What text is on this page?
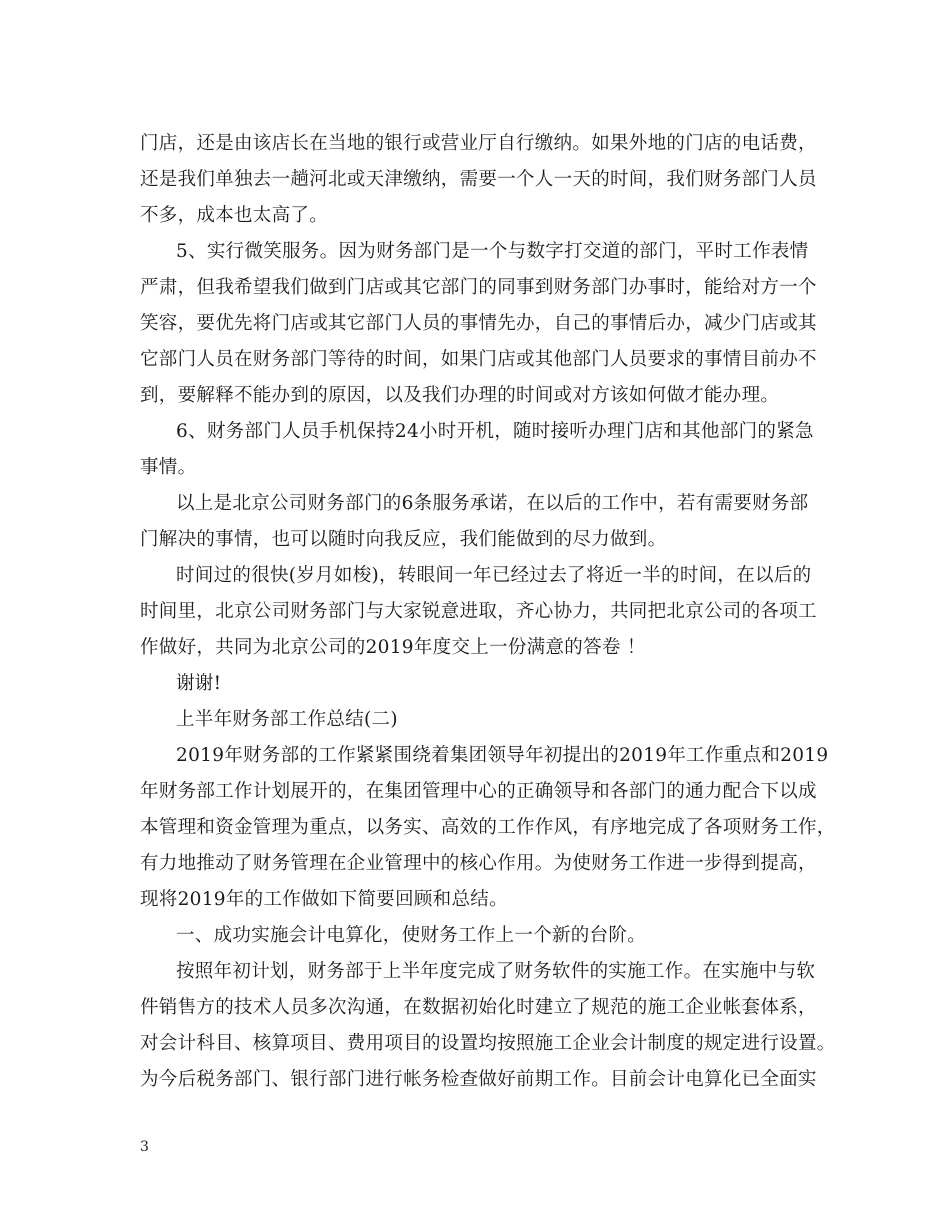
门店，还是由该店长在当地的银行或营业厅自行缴纳。如果外地的门店的电话费，
还是我们单独去一趟河北或天津缴纳，需要一个人一天的时间，我们财务部门人员
不多，成本也太高了。
5、实行微笑服务。因为财务部门是一个与数字打交道的部门，平时工作表情
严肃，但我希望我们做到门店或其它部门的同事到财务部门办事时，能给对方一个
笑容，要优先将门店或其它部门人员的事情先办，自己的事情后办，减少门店或其
它部门人员在财务部门等待的时间，如果门店或其他部门人员要求的事情目前办不
到，要解释不能办到的原因，以及我们办理的时间或对方该如何做才能办理。
6、财务部门人员手机保持24小时开机，随时接听办理门店和其他部门的紧急
事情。
以上是北京公司财务部门的6条服务承诺，在以后的工作中，若有需要财务部
门解决的事情，也可以随时向我反应，我们能做到的尽力做到。
时间过的很快(岁月如梭)，转眼间一年已经过去了将近一半的时间，在以后的
时间里，北京公司财务部门与大家锐意进取，齐心协力，共同把北京公司的各项工
作做好，共同为北京公司的2019年度交上一份满意的答卷 ！
谢谢!
上半年财务部工作总结(二)
2019年财务部的工作紧紧围绕着集团领导年初提出的2019年工作重点和2019
年财务部工作计划展开的，在集团管理中心的正确领导和各部门的通力配合下以成
本管理和资金管理为重点，以务实、高效的工作作风，有序地完成了各项财务工作，
有力地推动了财务管理在企业管理中的核心作用。为使财务工作进一步得到提高，
现将2019年的工作做如下简要回顾和总结。
一、成功实施会计电算化，使财务工作上一个新的台阶。
按照年初计划，财务部于上半年度完成了财务软件的实施工作。在实施中与软
件销售方的技术人员多次沟通，在数据初始化时建立了规范的施工企业帐套体系，
对会计科目、核算项目、费用项目的设置均按照施工企业会计制度的规定进行设置。
为今后税务部门、银行部门进行帐务检查做好前期工作。目前会计电算化已全面实
3
